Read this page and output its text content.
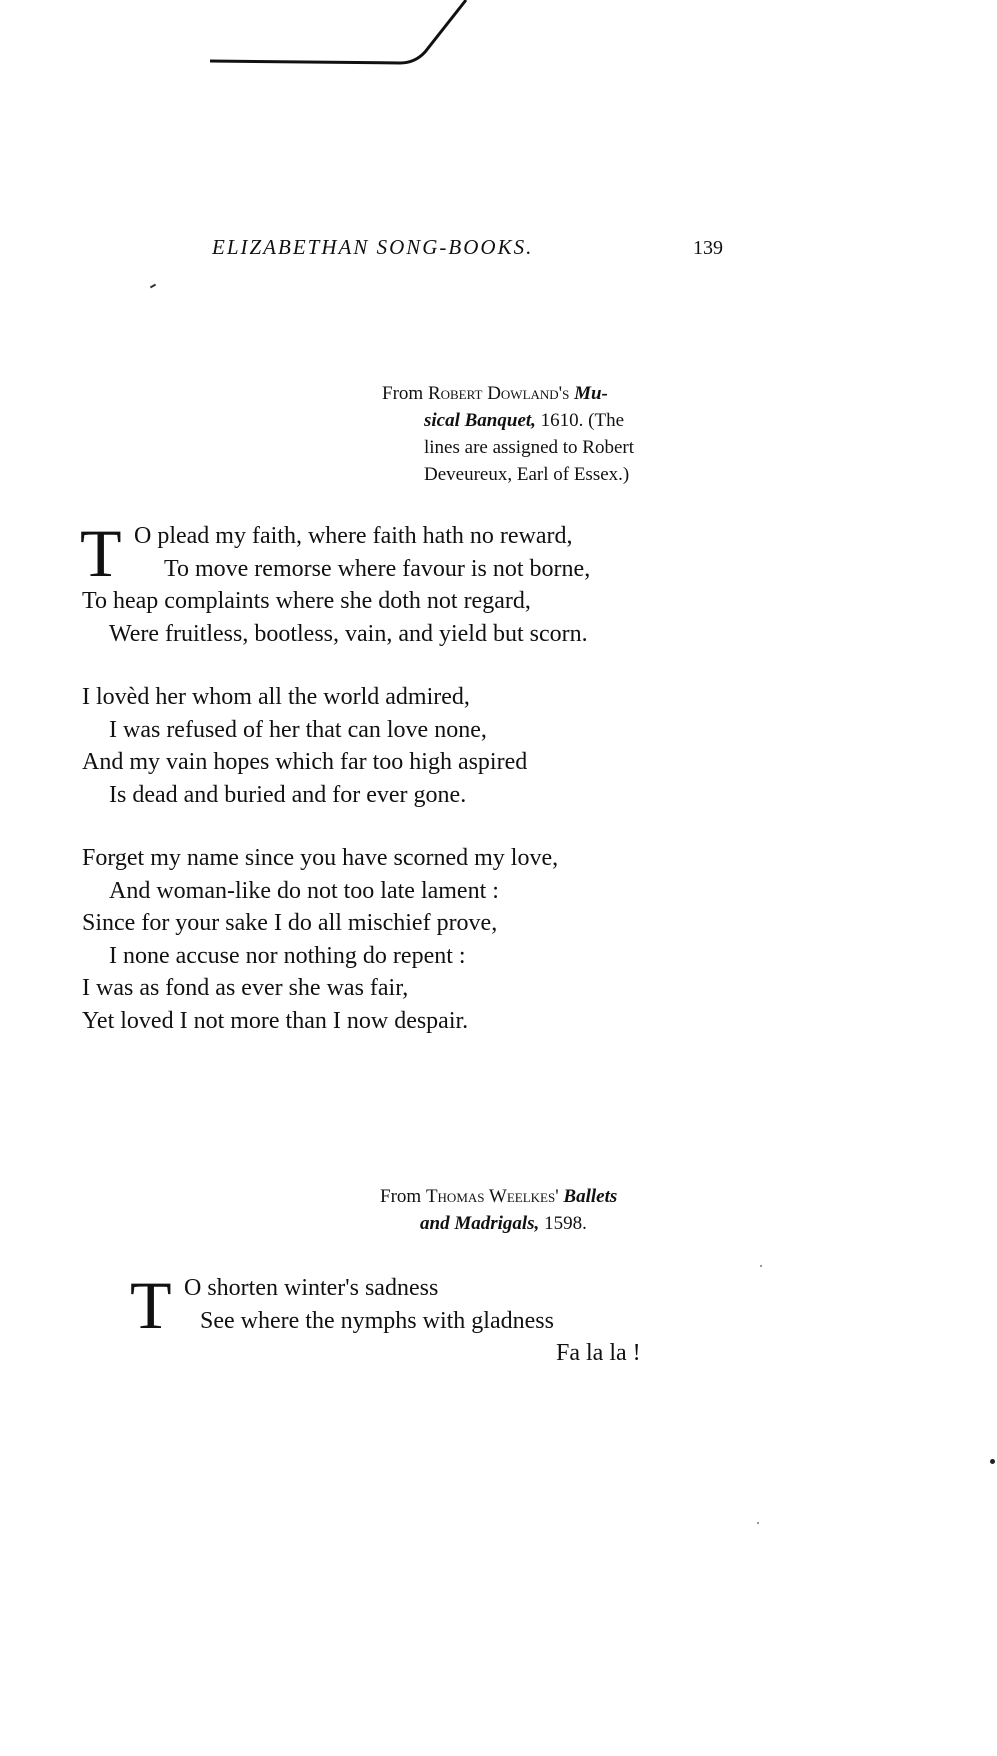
ELIZABETHAN SONG-BOOKS.	139
From Robert Dowland's Mu-
sical Banquet, 1610. (The
lines are assigned to Robert
Deveureux, Earl of Essex.)
T O plead my faith, where faith hath no reward,
To move remorse where favour is not borne,
To heap complaints where she doth not regard,
Were fruitless, bootless, vain, and yield but scorn.
I lovèd her whom all the world admired,
I was refused of her that can love none,
And my vain hopes which far too high aspired
Is dead and buried and for ever gone.
Forget my name since you have scorned my love,
And woman-like do not too late lament :
Since for your sake I do all mischief prove,
I none accuse nor nothing do repent :
I was as fond as ever she was fair,
Yet loved I not more than I now despair.
From Thomas Weelkes' Ballets
and Madrigals, 1598.
T O shorten winter's sadness
See where the nymphs with gladness
Fa la la !
